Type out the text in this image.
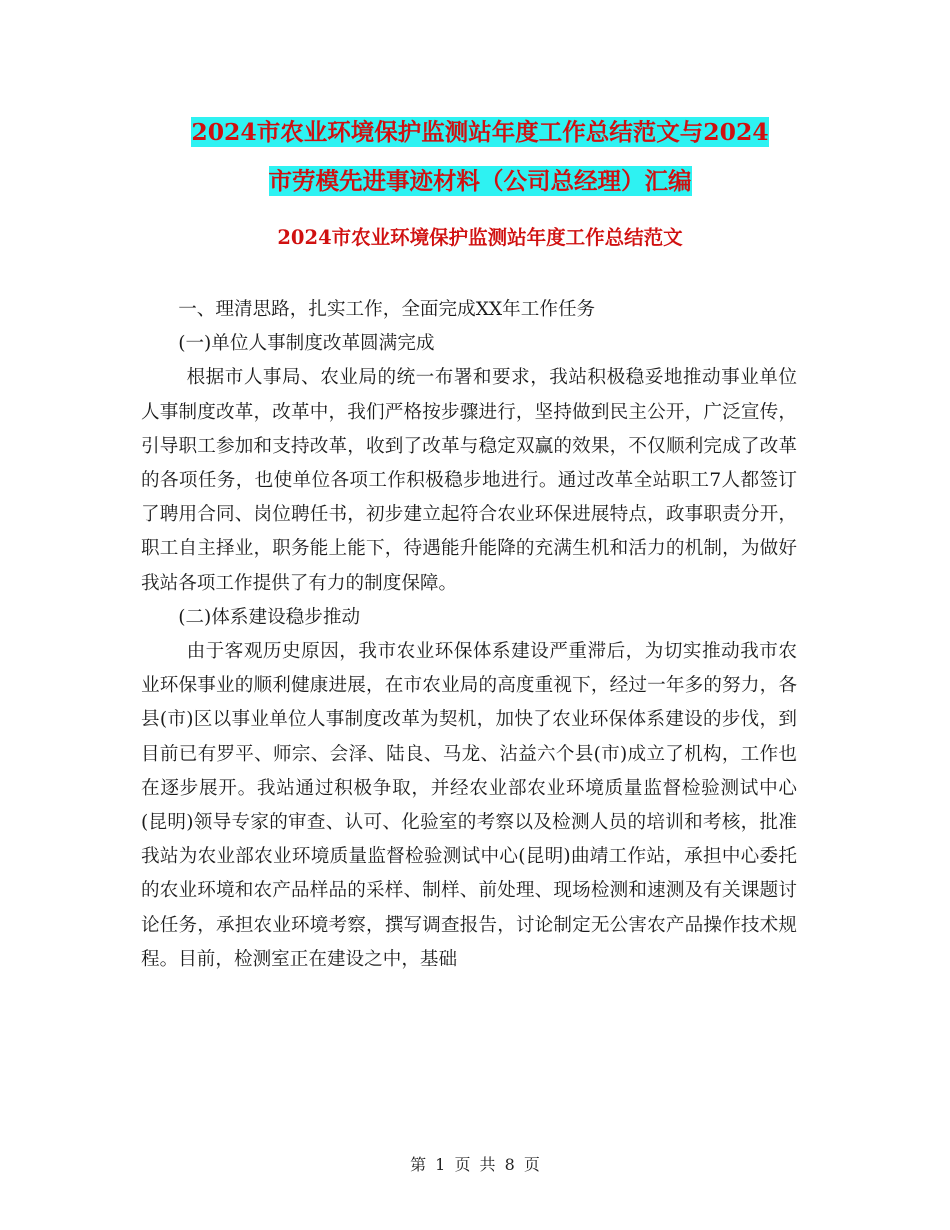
2024市农业环境保护监测站年度工作总结范文与2024
市劳模先进事迹材料（公司总经理）汇编
2024市农业环境保护监测站年度工作总结范文

一、理清思路，扎实工作，全面完成XX年工作任务

(一)单位人事制度改革圆满完成

根据市人事局、农业局的统一布署和要求，我站积极稳妥地推动事业单位人事制度改革，改革中，我们严格按步骤进行，坚持做到民主公开，广泛宣传，引导职工参加和支持改革，收到了改革与稳定双赢的效果，不仅顺利完成了改革的各项任务，也使单位各项工作积极稳步地进行。通过改革全站职工7人都签订了聘用合同、岗位聘任书，初步建立起符合农业环保进展特点，政事职责分开，职工自主择业，职务能上能下，待遇能升能降的充满生机和活力的机制，为做好我站各项工作提供了有力的制度保障。

(二)体系建设稳步推动

由于客观历史原因，我市农业环保体系建设严重滞后，为切实推动我市农业环保事业的顺利健康进展，在市农业局的高度重视下，经过一年多的努力，各县(市)区以事业单位人事制度改革为契机，加快了农业环保体系建设的步伐，到目前已有罗平、师宗、会泽、陆良、马龙、沾益六个县(市)成立了机构，工作也在逐步展开。我站通过积极争取，并经农业部农业环境质量监督检验测试中心(昆明)领导专家的审查、认可、化验室的考察以及检测人员的培训和考核，批准我站为农业部农业环境质量监督检验测试中心(昆明)曲靖工作站，承担中心委托的农业环境和农产品样品的采样、制样、前处理、现场检测和速测及有关课题讨论任务，承担农业环境考察，撰写调查报告，讨论制定无公害农产品操作技术规程。目前，检测室正在建设之中，基础

第 1 页 共 8 页
